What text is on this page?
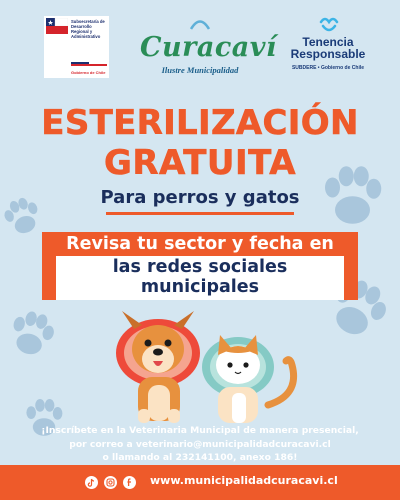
Subsecretaría de Desarrollo Regional y Administrativo
Gobierno de Chile
Curacaví
Ilustre Municipalidad
Tenencia
Responsable
SUBDERE • Gobierno de Chile
ESTERILIZACIÓN
GRATUITA
Para perros y gatos
Revisa tu sector y fecha en
las redes sociales
municipales
¡Inscríbete en la Veterinaria Municipal de manera presencial,
por correo a veterinario@municipalidadcuracavi.cl
o llamando al 232141100, anexo 186!
www.municipalidadcuracavi.cl
